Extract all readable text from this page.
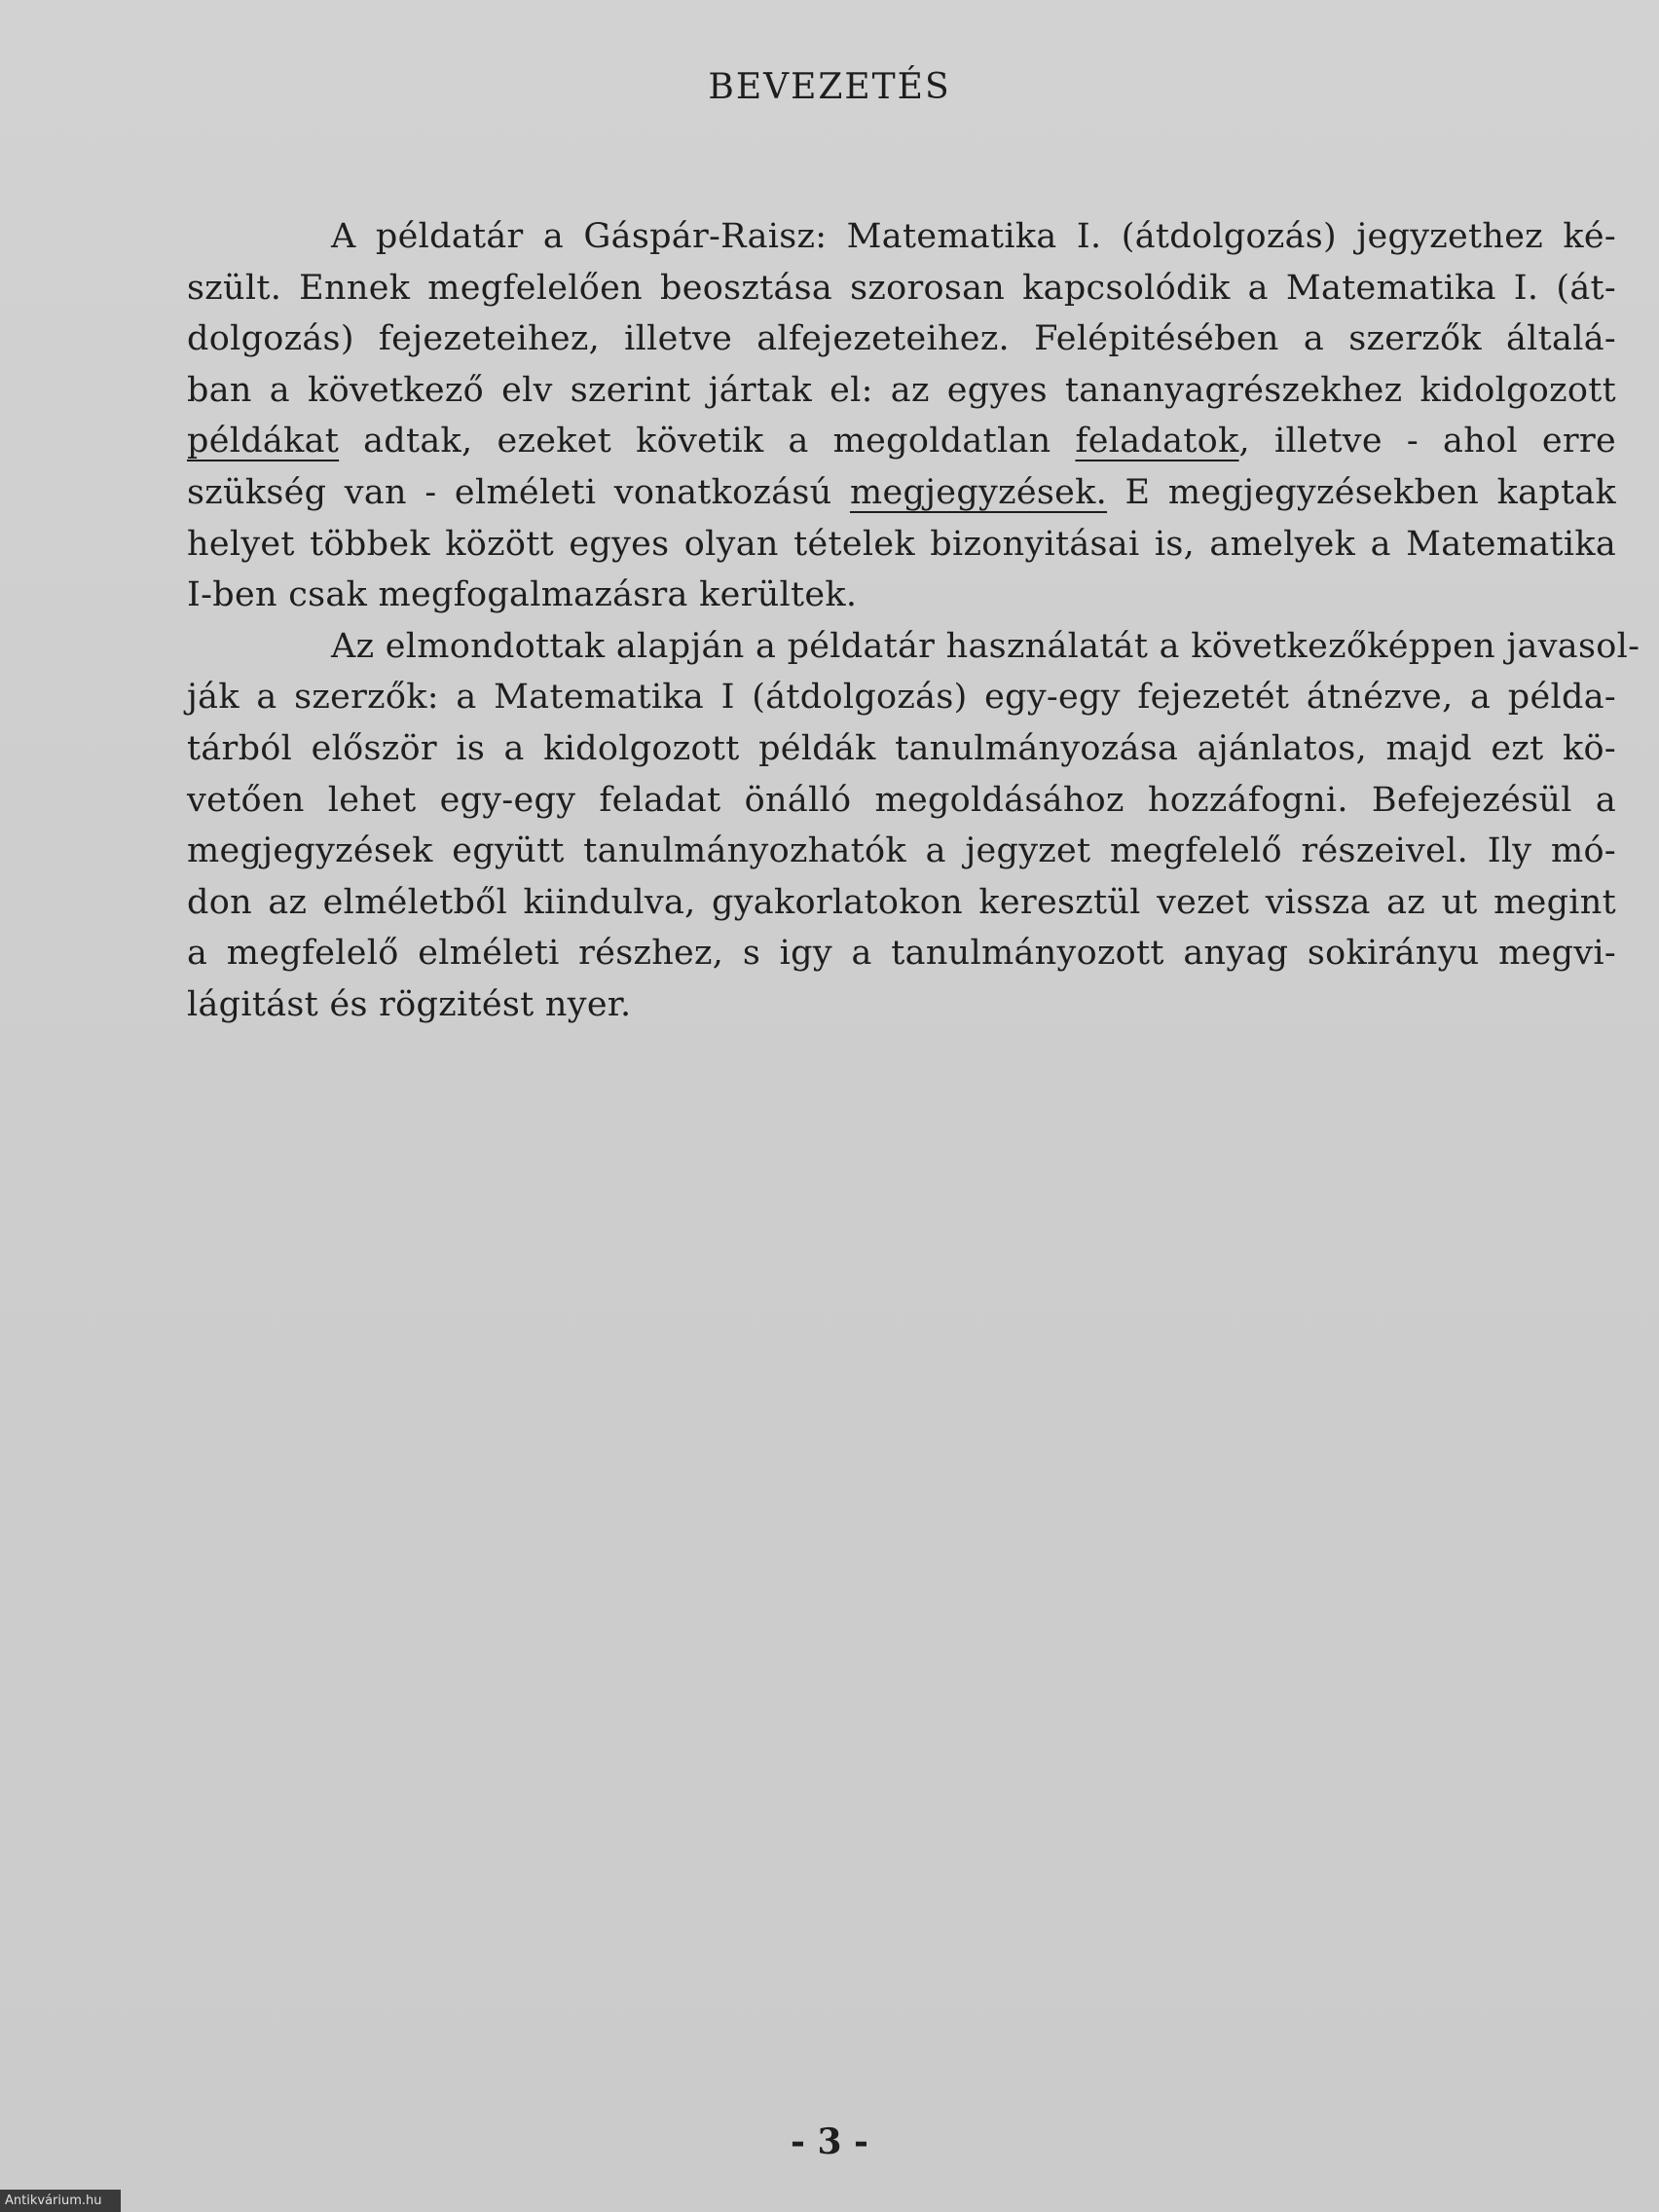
BEVEZETÉS
A példatár a Gáspár-Raisz: Matematika I. (átdolgozás) jegyzethez ké-
szült. Ennek megfelelően beosztása szorosan kapcsolódik a Matematika I. (át-
dolgozás) fejezeteihez, illetve alfejezeteihez. Felépitésében a szerzők általá-
ban a következő elv szerint jártak el: az egyes tananyagrészekhez kidolgozott
példákat adtak, ezeket követik a megoldatlan feladatok, illetve - ahol erre
szükség van - elméleti vonatkozású megjegyzések. E megjegyzésekben kaptak
helyet többek között egyes olyan tételek bizonyitásai is, amelyek a Matematika
I-ben csak megfogalmazásra kerültek.
Az elmondottak alapján a példatár használatát a következőképpen javasol-
ják a szerzők: a Matematika I (átdolgozás) egy-egy fejezetét átnézve, a példa-
tárból először is a kidolgozott példák tanulmányozása ajánlatos, majd ezt kö-
vetően lehet egy-egy feladat önálló megoldásához hozzáfogni. Befejezésül a
megjegyzések együtt tanulmányozhatók a jegyzet megfelelő részeivel. Ily mó-
don az elméletből kiindulva, gyakorlatokon keresztül vezet vissza az ut megint
a megfelelő elméleti részhez, s igy a tanulmányozott anyag sokirányu megvi-
lágitást és rögzitést nyer.
- 3 -
Antikvárium.hu
